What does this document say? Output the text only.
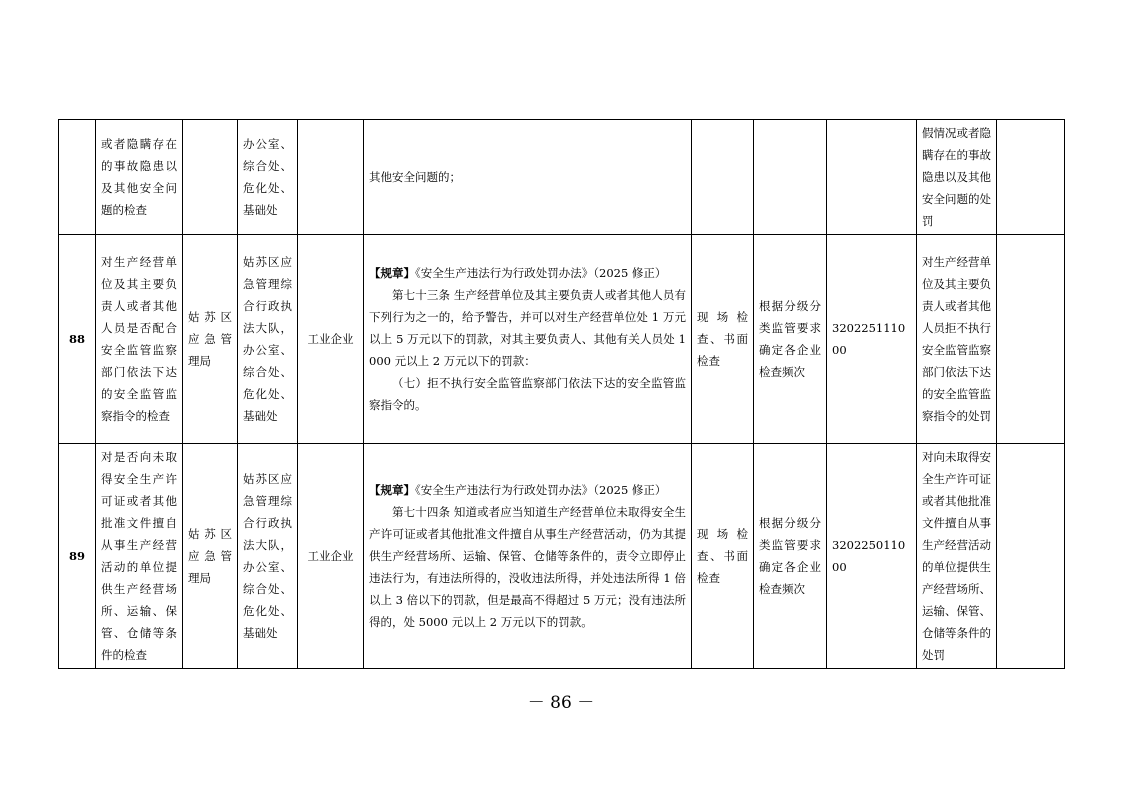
	或者隐瞒存在的事故隐患以及其他安全问题的检查		办公室、综合处、危化处、基础处		其他安全问题的；				假情况或者隐瞒存在的事故隐患以及其他安全问题的处罚	
88	对生产经营单位及其主要负责人或者其他人员是否配合安全监管监察部门依法下达的安全监管监察指令的检查	姑苏区应急管理局	姑苏区应急管理综合行政执法大队，办公室、综合处、危化处、基础处	工业企业	【规章】《安全生产违法行为行政处罚办法》（2025 修正）

第七十三条 生产经营单位及其主要负责人或者其他人员有下列行为之一的，给予警告，并可以对生产经营单位处 1 万元以上 5 万元以下的罚款，对其主要负责人、其他有关人员处 1000 元以上 2 万元以下的罚款：

（七）拒不执行安全监管监察部门依法下达的安全监管监察指令的。	现场检查、书面检查	根据分级分类监管要求确定各企业检查频次	320225111000	对生产经营单位及其主要负责人或者其他人员拒不执行安全监管监察部门依法下达的安全监管监察指令的处罚	
89	对是否向未取得安全生产许可证或者其他批准文件擅自从事生产经营活动的单位提供生产经营场所、运输、保管、仓储等条件的检查	姑苏区应急管理局	姑苏区应急管理综合行政执法大队，办公室、综合处、危化处、基础处	工业企业	【规章】《安全生产违法行为行政处罚办法》（2025 修正）

第七十四条 知道或者应当知道生产经营单位未取得安全生产许可证或者其他批准文件擅自从事生产经营活动，仍为其提供生产经营场所、运输、保管、仓储等条件的，责令立即停止违法行为，有违法所得的，没收违法所得，并处违法所得 1 倍以上 3 倍以下的罚款，但是最高不得超过 5 万元；没有违法所得的，处 5000 元以上 2 万元以下的罚款。	现场检查、书面检查	根据分级分类监管要求确定各企业检查频次	320225011000	对向未取得安全生产许可证或者其他批准文件擅自从事生产经营活动的单位提供生产经营场所、运输、保管、仓储等条件的处罚	
－ 86 －
